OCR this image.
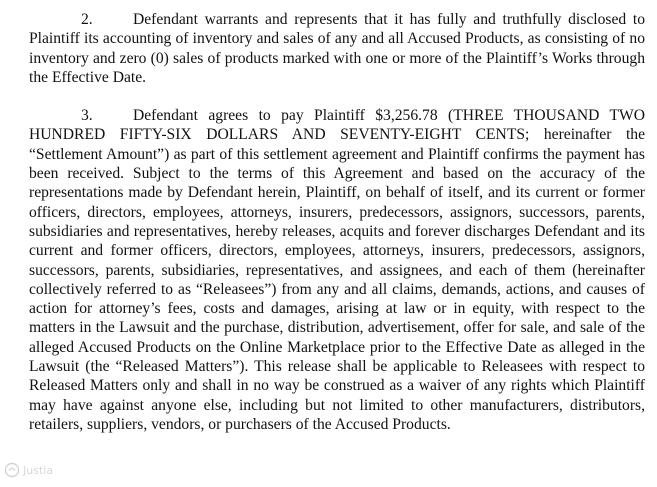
2.	Defendant warrants and represents that it has fully and truthfully disclosed to Plaintiff its accounting of inventory and sales of any and all Accused Products, as consisting of no inventory and zero (0) sales of products marked with one or more of the Plaintiff’s Works through the Effective Date.

3.	Defendant agrees to pay Plaintiff $3,256.78 (THREE THOUSAND TWO HUNDRED FIFTY-SIX DOLLARS AND SEVENTY-EIGHT CENTS; hereinafter the “Settlement Amount”) as part of this settlement agreement and Plaintiff confirms the payment has been received. Subject to the terms of this Agreement and based on the accuracy of the representations made by Defendant herein, Plaintiff, on behalf of itself, and its current or former officers, directors, employees, attorneys, insurers, predecessors, assignors, successors, parents, subsidiaries and representatives, hereby releases, acquits and forever discharges Defendant and its current and former officers, directors, employees, attorneys, insurers, predecessors, assignors, successors, parents, subsidiaries, representatives, and assignees, and each of them (hereinafter collectively referred to as “Releasees”) from any and all claims, demands, actions, and causes of action for attorney’s fees, costs and damages, arising at law or in equity, with respect to the matters in the Lawsuit and the purchase, distribution, advertisement, offer for sale, and sale of the alleged Accused Products on the Online Marketplace prior to the Effective Date as alleged in the Lawsuit (the “Released Matters”). This release shall be applicable to Releasees with respect to Released Matters only and shall in no way be construed as a waiver of any rights which Plaintiff may have against anyone else, including but not limited to other manufacturers, distributors, retailers, suppliers, vendors, or purchasers of the Accused Products.

Justia
